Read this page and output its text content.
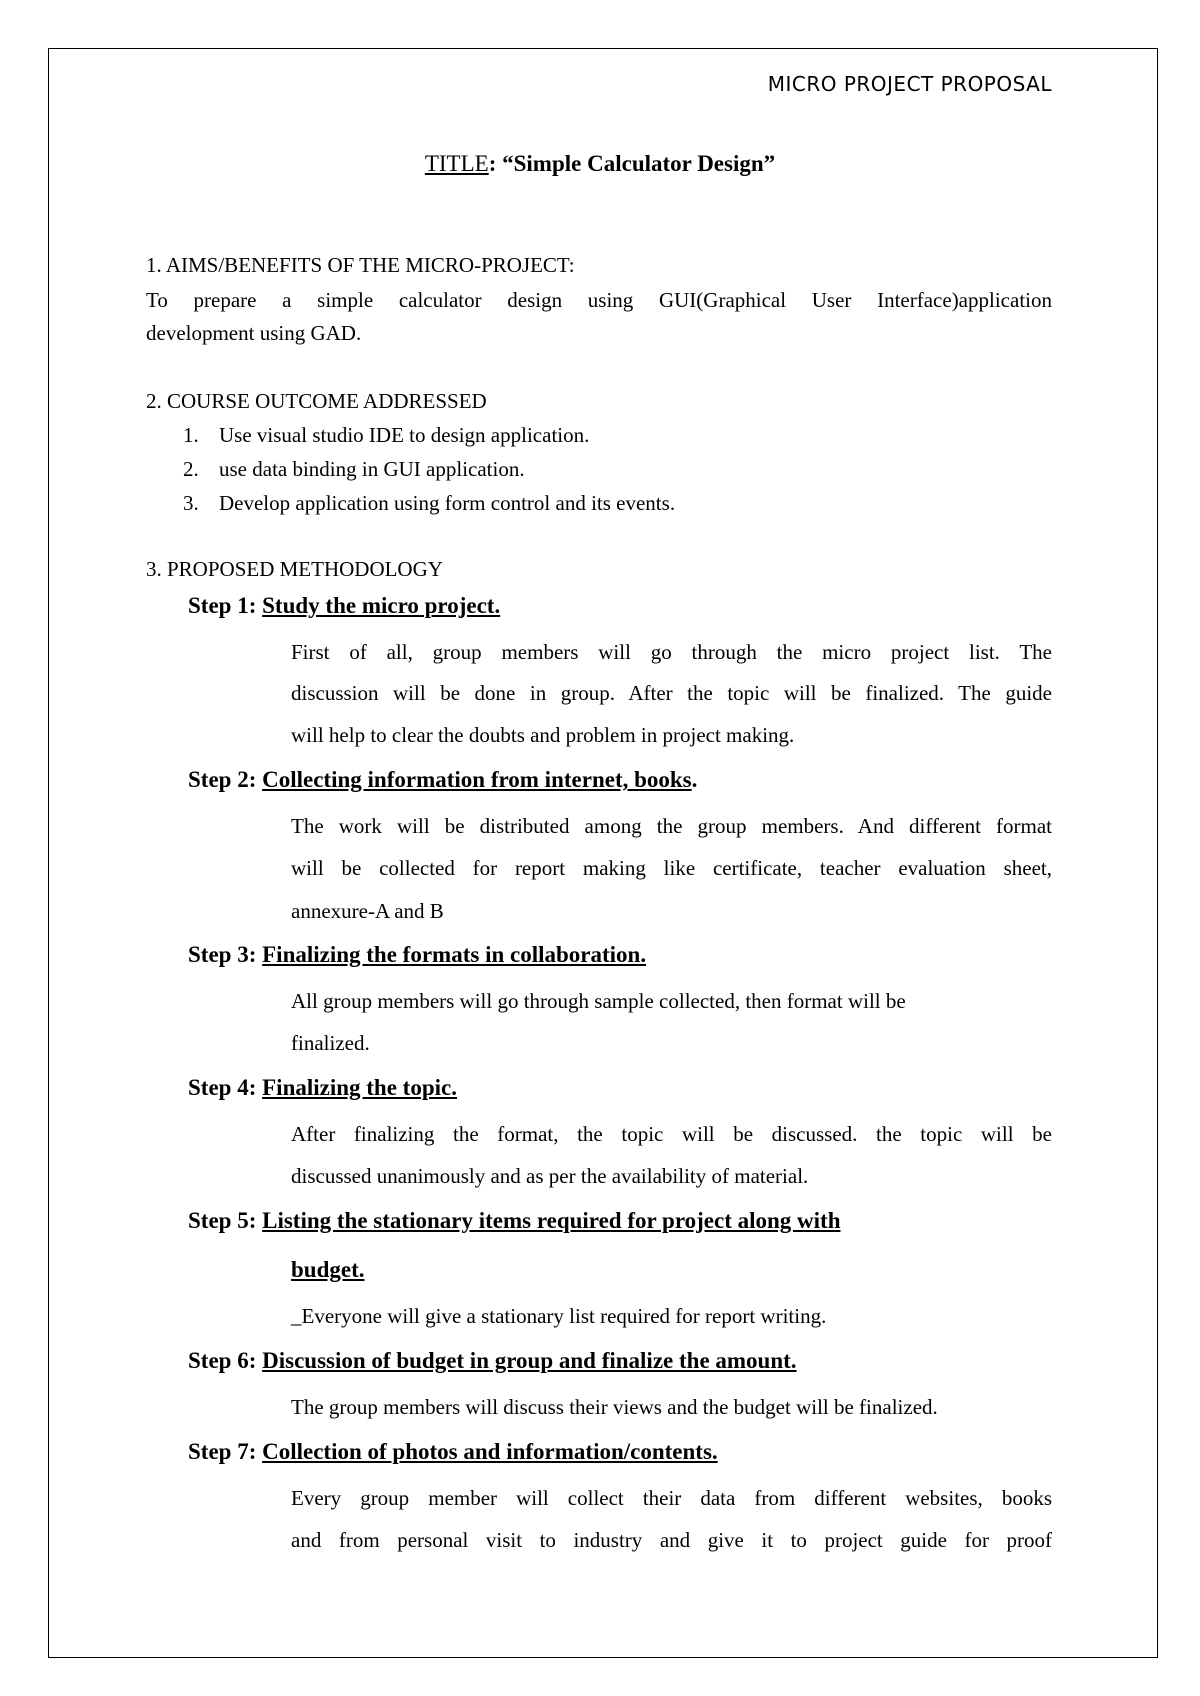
MICRO PROJECT PROPOSAL
TITLE: “Simple Calculator Design”
1. AIMS/BENEFITS OF THE MICRO-PROJECT:
To prepare a simple calculator design using GUI(Graphical User Interface)application
development using GAD.
2. COURSE OUTCOME ADDRESSED
1. Use visual studio IDE to design application.
2. use data binding in GUI application.
3. Develop application using form control and its events.
3. PROPOSED METHODOLOGY
Step 1: Study the micro project.
First of all, group members will go through the micro project list. The
discussion will be done in group. After the topic will be finalized. The guide
will help to clear the doubts and problem in project making.
Step 2: Collecting information from internet, books.
The work will be distributed among the group members. And different format
will be collected for report making like certificate, teacher evaluation sheet,
annexure-A and B
Step 3: Finalizing the formats in collaboration.
All group members will go through sample collected, then format will be
finalized.
Step 4: Finalizing the topic.
After finalizing the format, the topic will be discussed. the topic will be
discussed unanimously and as per the availability of material.
Step 5: Listing the stationary items required for project along with
budget.
_Everyone will give a stationary list required for report writing.
Step 6: Discussion of budget in group and finalize the amount.
The group members will discuss their views and the budget will be finalized.
Step 7: Collection of photos and information/contents.
Every group member will collect their data from different websites, books
and from personal visit to industry and give it to project guide for proof
